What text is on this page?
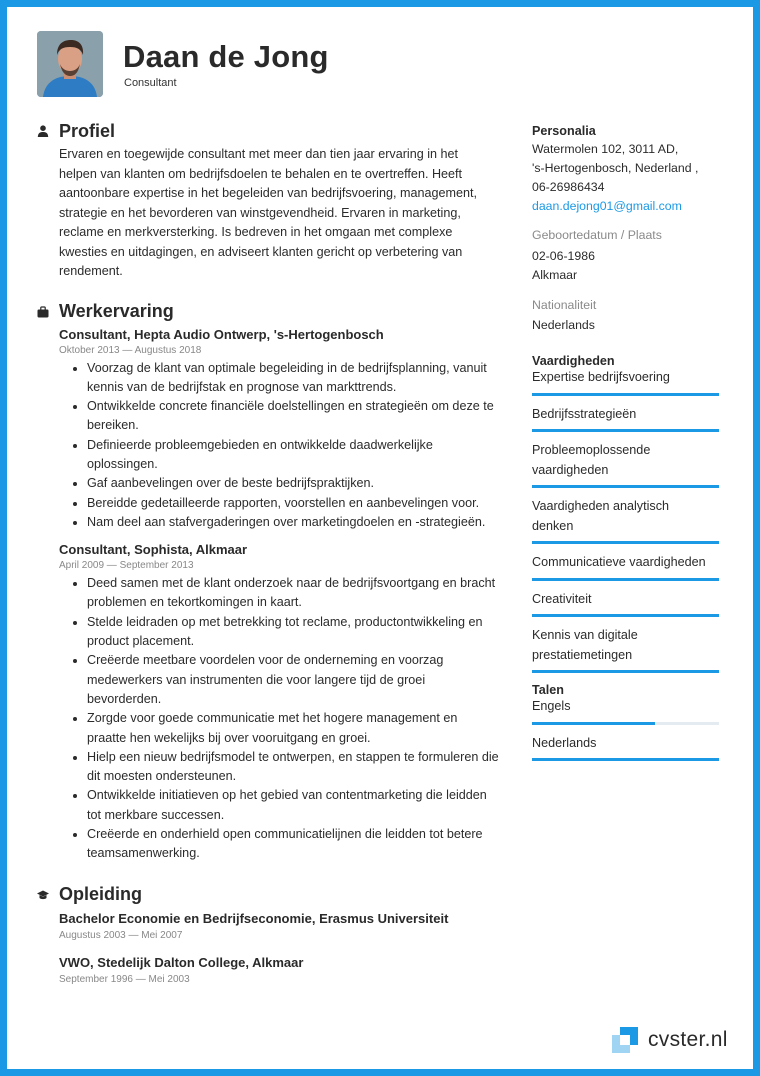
Daan de Jong
Consultant
Profiel
Ervaren en toegewijde consultant met meer dan tien jaar ervaring in het helpen van klanten om bedrijfsdoelen te behalen en te overtreffen. Heeft aantoonbare expertise in het begeleiden van bedrijfsvoering, management, strategie en het bevorderen van winstgevendheid. Ervaren in marketing, reclame en merkversterking. Is bedreven in het omgaan met complexe kwesties en uitdagingen, en adviseert klanten gericht op verbetering van rendement.
Werkervaring
Consultant, Hepta Audio Ontwerp, 's-Hertogenbosch
Oktober 2013 — Augustus 2018
• Voorzag de klant van optimale begeleiding in de bedrijfsplanning, vanuit kennis van de bedrijfstak en prognose van markttrends.
• Ontwikkelde concrete financiële doelstellingen en strategieën om deze te bereiken.
• Definieerde probleemgebieden en ontwikkelde daadwerkelijke oplossingen.
• Gaf aanbevelingen over de beste bedrijfspraktijken.
• Bereidde gedetailleerde rapporten, voorstellen en aanbevelingen voor.
• Nam deel aan stafvergaderingen over marketingdoelen en -strategieën.
Consultant, Sophista, Alkmaar
April 2009 — September 2013
• Deed samen met de klant onderzoek naar de bedrijfsvoortgang en bracht problemen en tekortkomingen in kaart.
• Stelde leidraden op met betrekking tot reclame, productontwikkeling en product placement.
• Creëerde meetbare voordelen voor de onderneming en voorzag medewerkers van instrumenten die voor langere tijd de groei bevorderden.
• Zorgde voor goede communicatie met het hogere management en praatte hen wekelijks bij over vooruitgang en groei.
• Hielp een nieuw bedrijfsmodel te ontwerpen, en stappen te formuleren die dit moesten ondersteunen.
• Ontwikkelde initiatieven op het gebied van contentmarketing die leidden tot merkbare successen.
• Creëerde en onderhield open communicatielijnen die leidden tot betere teamsamenwerking.
Opleiding
Bachelor Economie en Bedrijfseconomie, Erasmus Universiteit
Augustus 2003 — Mei 2007
VWO, Stedelijk Dalton College, Alkmaar
September 1996 — Mei 2003
Personalia
Watermolen 102, 3011 AD,
's-Hertogenbosch, Nederland ,
06-26986434
daan.dejong01@gmail.com
Geboortedatum / Plaats
02-06-1986
Alkmaar
Nationaliteit
Nederlands
Vaardigheden
Expertise bedrijfsvoering
Bedrijfsstrategieën
Probleemoplossende vaardigheden
Vaardigheden analytisch denken
Communicatieve vaardigheden
Creativiteit
Kennis van digitale prestatiemetingen
Talen
Engels
Nederlands
cvster.nl
